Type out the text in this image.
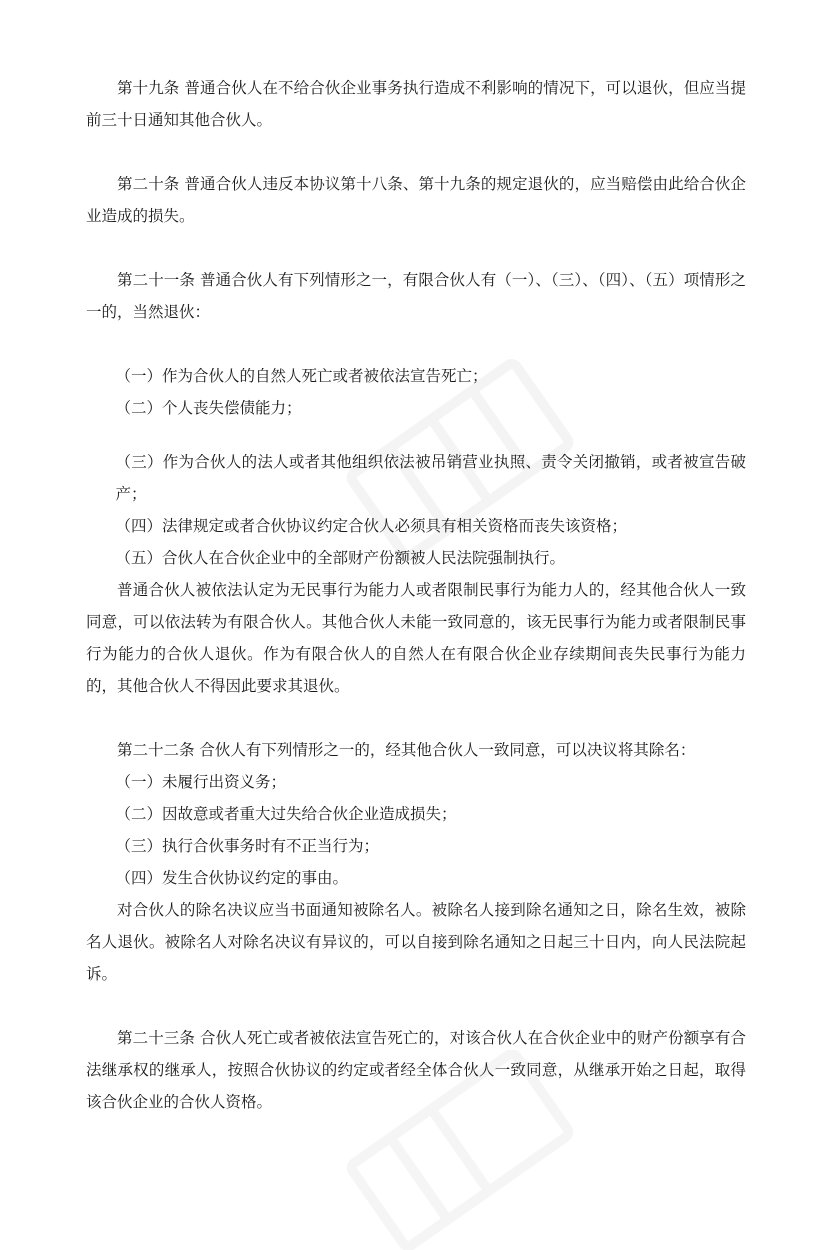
第十九条 普通合伙人在不给合伙企业事务执行造成不利影响的情况下，可以退伙，但应当提前三十日通知其他合伙人。

第二十条 普通合伙人违反本协议第十八条、第十九条的规定退伙的，应当赔偿由此给合伙企业造成的损失。

第二十一条 普通合伙人有下列情形之一，有限合伙人有（一）、（三）、（四）、（五）项情形之一的，当然退伙：

（一）作为合伙人的自然人死亡或者被依法宣告死亡；

（二）个人丧失偿债能力；

（三）作为合伙人的法人或者其他组织依法被吊销营业执照、责令关闭撤销，或者被宣告破产；

（四）法律规定或者合伙协议约定合伙人必须具有相关资格而丧失该资格；

（五）合伙人在合伙企业中的全部财产份额被人民法院强制执行。

普通合伙人被依法认定为无民事行为能力人或者限制民事行为能力人的，经其他合伙人一致同意，可以依法转为有限合伙人。其他合伙人未能一致同意的，该无民事行为能力或者限制民事行为能力的合伙人退伙。作为有限合伙人的自然人在有限合伙企业存续期间丧失民事行为能力的，其他合伙人不得因此要求其退伙。

第二十二条 合伙人有下列情形之一的，经其他合伙人一致同意，可以决议将其除名：

（一）未履行出资义务；

（二）因故意或者重大过失给合伙企业造成损失；

（三）执行合伙事务时有不正当行为；

（四）发生合伙协议约定的事由。

对合伙人的除名决议应当书面通知被除名人。被除名人接到除名通知之日，除名生效，被除名人退伙。被除名人对除名决议有异议的，可以自接到除名通知之日起三十日内，向人民法院起诉。

第二十三条 合伙人死亡或者被依法宣告死亡的，对该合伙人在合伙企业中的财产份额享有合法继承权的继承人，按照合伙协议的约定或者经全体合伙人一致同意，从继承开始之日起，取得该合伙企业的合伙人资格。
